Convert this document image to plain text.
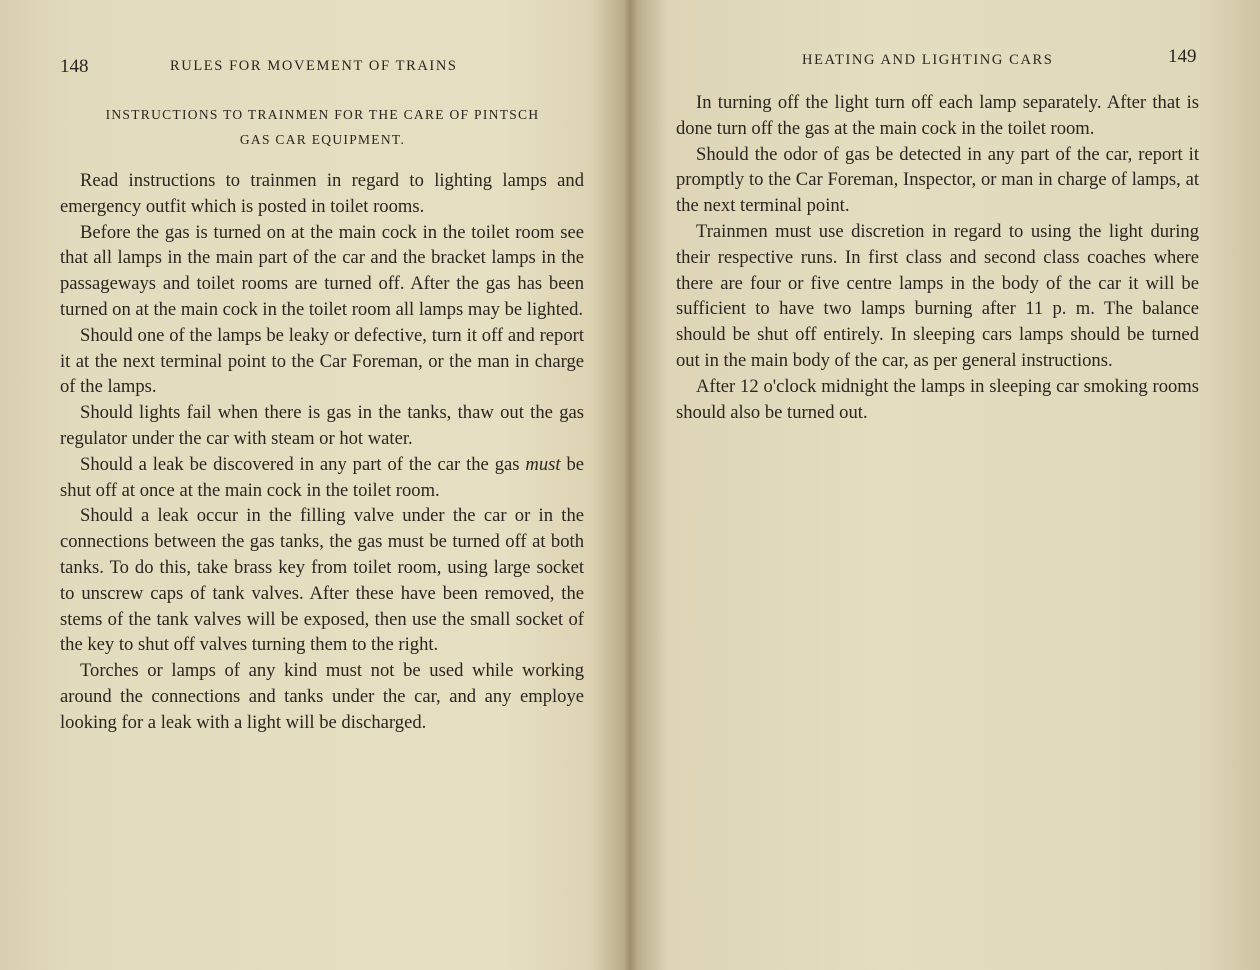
148	RULES FOR MOVEMENT OF TRAINS
INSTRUCTIONS TO TRAINMEN FOR THE CARE OF PINTSCH
GAS CAR EQUIPMENT.

Read instructions to trainmen in regard to lighting lamps and emergency outfit which is posted in toilet rooms.

Before the gas is turned on at the main cock in the toilet room see that all lamps in the main part of the car and the bracket lamps in the passageways and toilet rooms are turned off. After the gas has been turned on at the main cock in the toilet room all lamps may be lighted.

Should one of the lamps be leaky or defective, turn it off and report it at the next terminal point to the Car Foreman, or the man in charge of the lamps.

Should lights fail when there is gas in the tanks, thaw out the gas regulator under the car with steam or hot water.

Should a leak be discovered in any part of the car the gas must be shut off at once at the main cock in the toilet room.

Should a leak occur in the filling valve under the car or in the connections between the gas tanks, the gas must be turned off at both tanks. To do this, take brass key from toilet room, using large socket to unscrew caps of tank valves. After these have been removed, the stems of the tank valves will be exposed, then use the small socket of the key to shut off valves turning them to the right.

Torches or lamps of any kind must not be used while working around the connections and tanks under the car, and any employe looking for a leak with a light will be discharged.

HEATING AND LIGHTING CARS	149

In turning off the light turn off each lamp separately. After that is done turn off the gas at the main cock in the toilet room.

Should the odor of gas be detected in any part of the car, report it promptly to the Car Foreman, Inspector, or man in charge of lamps, at the next terminal point.

Trainmen must use discretion in regard to using the light during their respective runs. In first class and second class coaches where there are four or five centre lamps in the body of the car it will be sufficient to have two lamps burning after 11 p. m. The balance should be shut off entirely. In sleeping cars lamps should be turned out in the main body of the car, as per general instructions.

After 12 o'clock midnight the lamps in sleeping car smoking rooms should also be turned out.
